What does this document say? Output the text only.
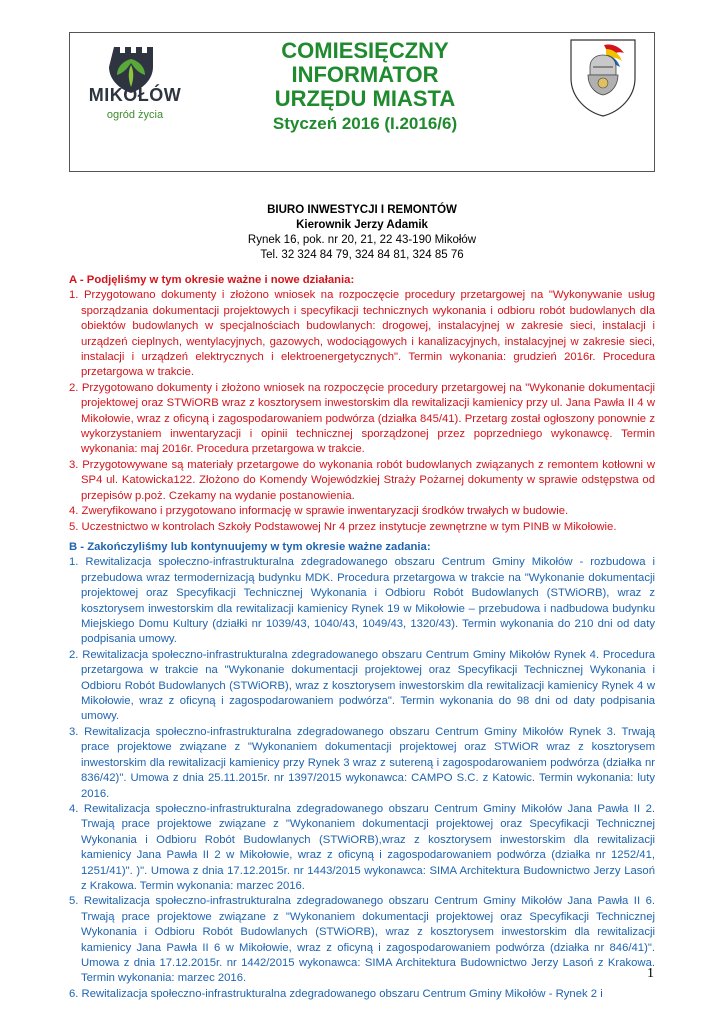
MIKOŁÓW
ogród życia

COMIESIĘCZNY

INFORMATOR

URZĘDU MIASTA

Styczeń 2016 (I.2016/6)
BIURO INWESTYCJI I REMONTÓW
Kierownik Jerzy Adamik
Rynek 16, pok. nr 20, 21, 22 43-190 Mikołów
Tel. 32 324 84 79, 324 84 81, 324 85 76
A - Podjęliśmy w tym okresie ważne i nowe działania:

1. Przygotowano dokumenty i złożono wniosek na rozpoczęcie procedury przetargowej na "Wykonywanie usług sporządzania dokumentacji projektowych i specyfikacji technicznych wykonania i odbioru robót budowlanych dla obiektów budowlanych w specjalnościach budowlanych: drogowej, instalacyjnej w zakresie sieci, instalacji i urządzeń cieplnych, wentylacyjnych, gazowych, wodociągowych i kanalizacyjnych, instalacyjnej w zakresie sieci, instalacji i urządzeń elektrycznych i elektroenergetycznych". Termin wykonania: grudzień 2016r. Procedura przetargowa w trakcie.

2. Przygotowano dokumenty i złożono wniosek na rozpoczęcie procedury przetargowej na "Wykonanie dokumentacji projektowej oraz STWiORB wraz z kosztorysem inwestorskim dla rewitalizacji kamienicy przy ul. Jana Pawła II 4 w Mikołowie, wraz z oficyną i zagospodarowaniem podwórza (działka 845/41). Przetarg został ogłoszony ponownie z wykorzystaniem inwentaryzacji i opinii technicznej sporządzonej przez poprzedniego wykonawcę. Termin wykonania: maj 2016r. Procedura przetargowa w trakcie.

3. Przygotowywane są materiały przetargowe do wykonania robót budowlanych związanych z remontem kotłowni w SP4 ul. Katowicka122. Złożono do Komendy Wojewódzkiej Straży Pożarnej dokumenty w sprawie odstępstwa od przepisów p.poż. Czekamy na wydanie postanowienia.

4. Zweryfikowano i przygotowano informację w sprawie inwentaryzacji środków trwałych w budowie.

5. Uczestnictwo w kontrolach Szkoły Podstawowej Nr 4 przez instytucje zewnętrzne w tym PINB w Mikołowie.

B - Zakończyliśmy lub kontynuujemy w tym okresie ważne zadania:

1. Rewitalizacja społeczno-infrastrukturalna zdegradowanego obszaru Centrum Gminy Mikołów - rozbudowa i przebudowa wraz termodernizacją budynku MDK. Procedura przetargowa w trakcie na "Wykonanie dokumentacji projektowej oraz Specyfikacji Technicznej Wykonania i Odbioru Robót Budowlanych (STWiORB), wraz z kosztorysem inwestorskim dla rewitalizacji kamienicy Rynek 19 w Mikołowie – przebudowa i nadbudowa budynku Miejskiego Domu Kultury (działki nr 1039/43, 1040/43, 1049/43, 1320/43). Termin wykonania do 210 dni od daty podpisania umowy.

2. Rewitalizacja społeczno-infrastrukturalna zdegradowanego obszaru Centrum Gminy Mikołów Rynek 4. Procedura przetargowa w trakcie na "Wykonanie dokumentacji projektowej oraz Specyfikacji Technicznej Wykonania i Odbioru Robót Budowlanych (STWiORB), wraz z kosztorysem inwestorskim dla rewitalizacji kamienicy Rynek 4 w Mikołowie, wraz z oficyną i zagospodarowaniem podwórza". Termin wykonania do 98 dni od daty podpisania umowy.

3. Rewitalizacja społeczno-infrastrukturalna zdegradowanego obszaru Centrum Gminy Mikołów Rynek 3. Trwają prace projektowe związane z "Wykonaniem dokumentacji projektowej oraz STWiOR wraz z kosztorysem inwestorskim dla rewitalizacji kamienicy przy Rynek 3 wraz z sutereną i zagospodarowaniem podwórza (działka nr 836/42)". Umowa z dnia 25.11.2015r. nr 1397/2015 wykonawca: CAMPO S.C. z Katowic. Termin wykonania: luty 2016.

4. Rewitalizacja społeczno-infrastrukturalna zdegradowanego obszaru Centrum Gminy Mikołów Jana Pawła II 2. Trwają prace projektowe związane z "Wykonaniem dokumentacji projektowej oraz Specyfikacji Technicznej Wykonania i Odbioru Robót Budowlanych (STWiORB),wraz z kosztorysem inwestorskim dla rewitalizacji kamienicy Jana Pawła II 2 w Mikołowie, wraz z oficyną i zagospodarowaniem podwórza (działka nr 1252/41, 1251/41)". )". Umowa z dnia 17.12.2015r. nr 1443/2015 wykonawca: SIMA Architektura Budownictwo Jerzy Lasoń z Krakowa. Termin wykonania: marzec 2016.

5. Rewitalizacja społeczno-infrastrukturalna zdegradowanego obszaru Centrum Gminy Mikołów Jana Pawła II 6. Trwają prace projektowe związane z "Wykonaniem dokumentacji projektowej oraz Specyfikacji Technicznej Wykonania i Odbioru Robót Budowlanych (STWiORB), wraz z kosztorysem inwestorskim dla rewitalizacji kamienicy Jana Pawła II 6 w Mikołowie, wraz z oficyną i zagospodarowaniem podwórza (działka nr 846/41)". Umowa z dnia 17.12.2015r. nr 1442/2015 wykonawca: SIMA Architektura Budownictwo Jerzy Lasoń z Krakowa. Termin wykonania: marzec 2016.

6. Rewitalizacja społeczno-infrastrukturalna zdegradowanego obszaru Centrum Gminy Mikołów - Rynek 2 i

1
